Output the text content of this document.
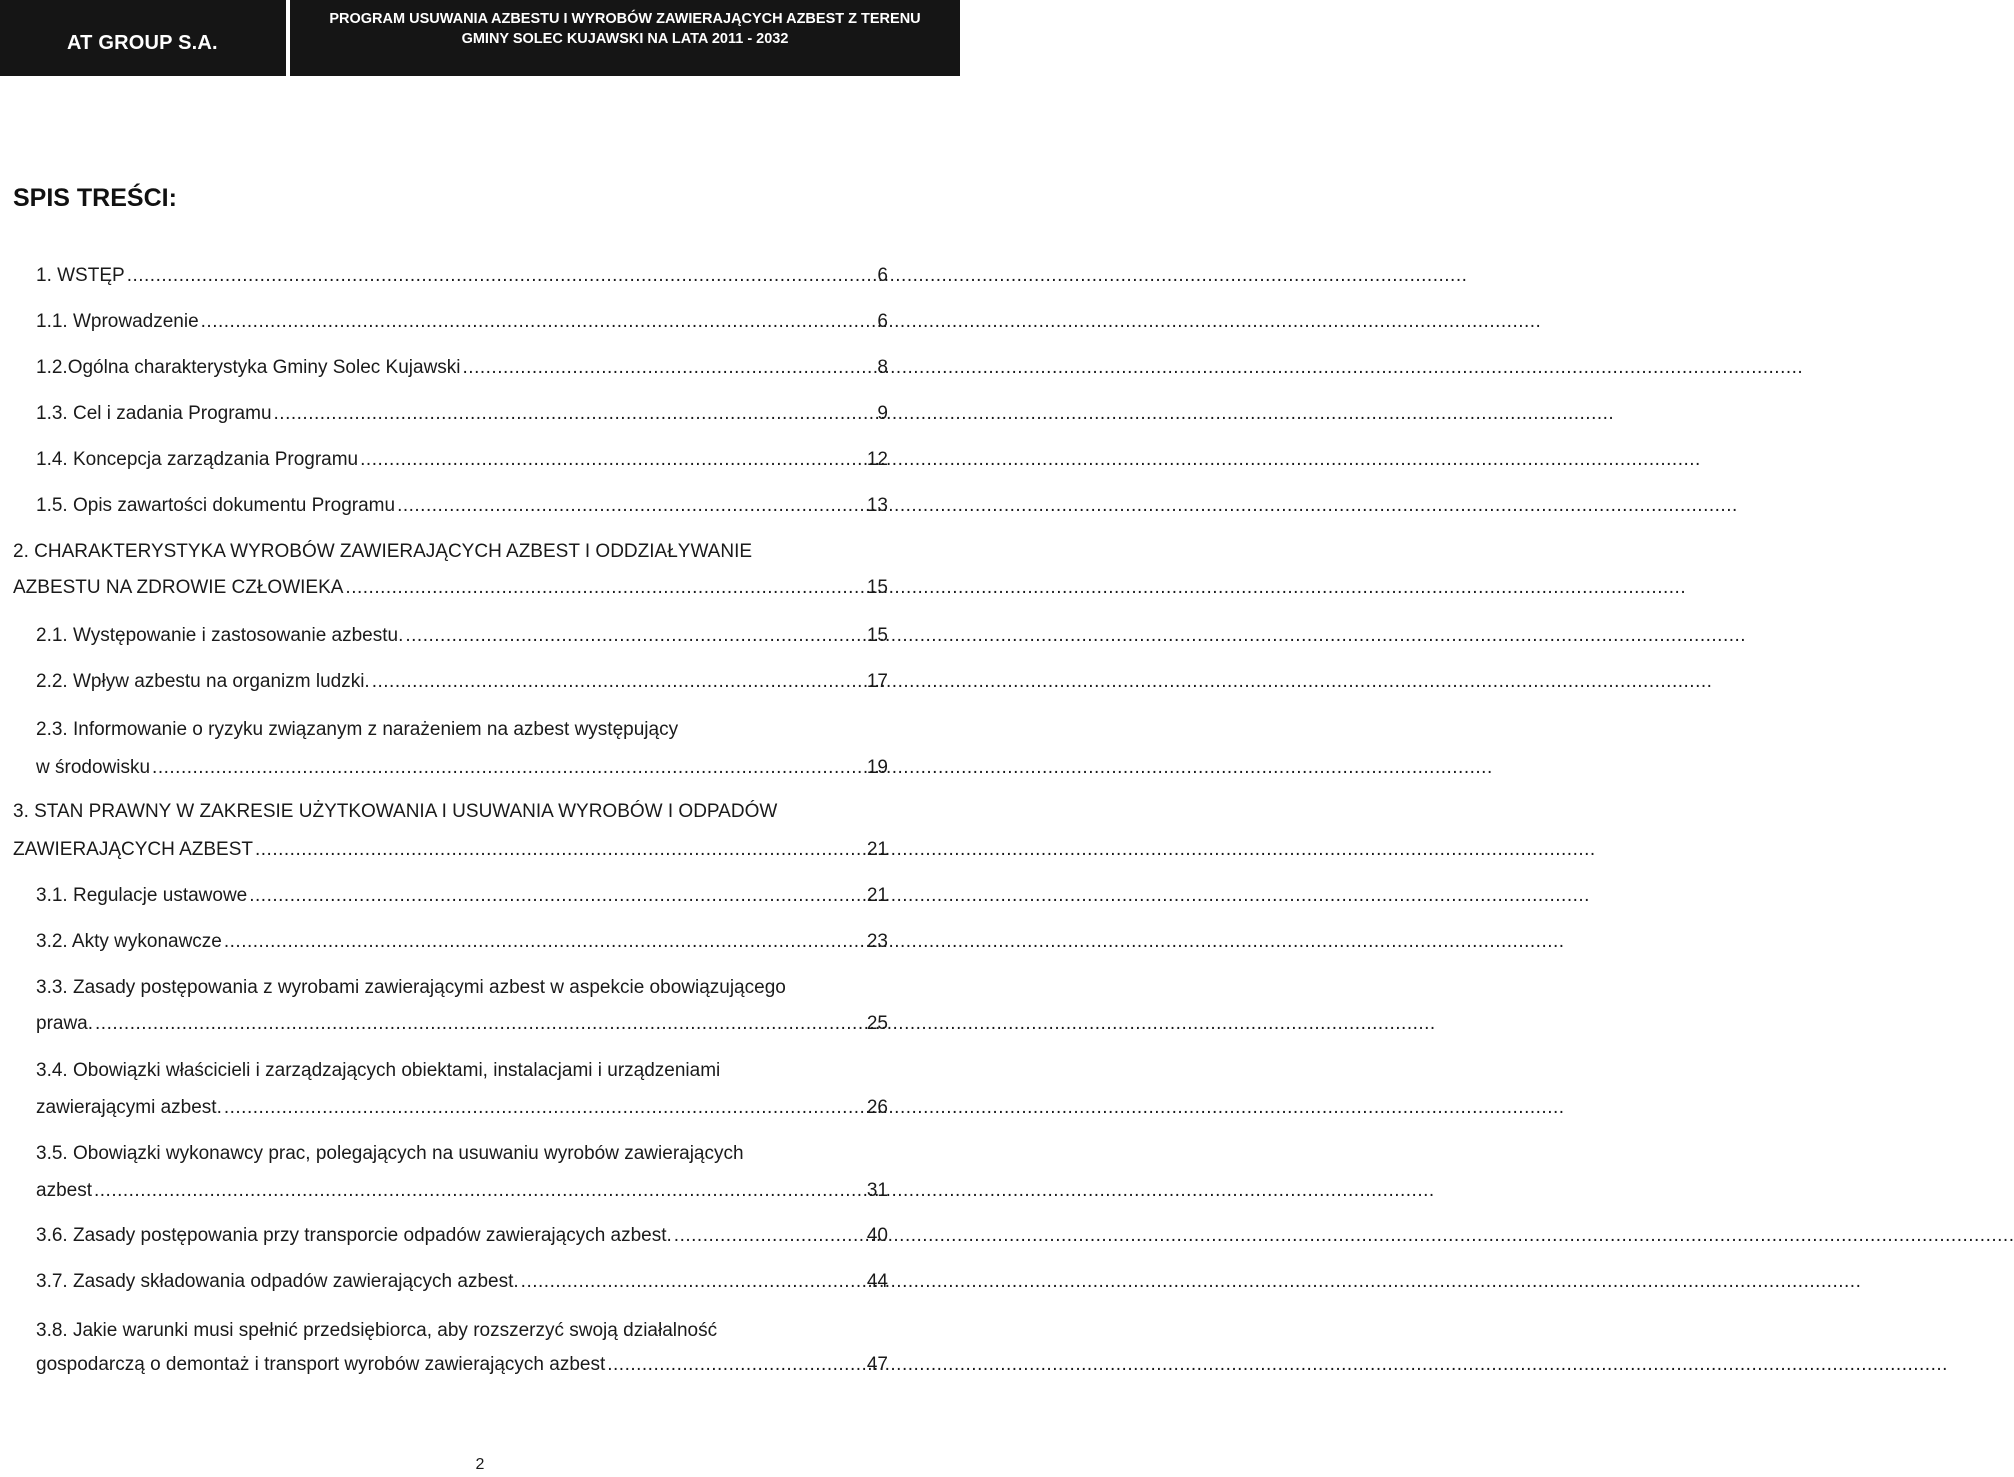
AT GROUP S.A.
PROGRAM USUWANIA AZBESTU I WYROBÓW ZAWIERAJĄCYCH AZBEST Z TERENU
GMINY SOLEC KUJAWSKI NA LATA 2011 - 2032
SPIS TREŚCI:
1. WSTĘP .....	6
1.1. Wprowadzenie .....	6
1.2.Ogólna charakterystyka Gminy Solec Kujawski .....	8
1.3. Cel i zadania Programu .....	9
1.4. Koncepcja zarządzania Programu .....	12
1.5. Opis zawartości dokumentu Programu .....	13
2. CHARAKTERYSTYKA WYROBÓW ZAWIERAJĄCYCH AZBEST I ODDZIAŁYWANIE
AZBESTU NA ZDROWIE CZŁOWIEKA .....	15
2.1. Występowanie i zastosowanie azbestu. .....	15
2.2. Wpływ azbestu na organizm ludzki. .....	17
2.3. Informowanie o ryzyku związanym z narażeniem na azbest występujący
w środowisku .....	19
3. STAN PRAWNY W ZAKRESIE UŻYTKOWANIA I USUWANIA WYROBÓW I ODPADÓW
ZAWIERAJĄCYCH AZBEST .....	21
3.1. Regulacje ustawowe .....	21
3.2. Akty wykonawcze .....	23
3.3. Zasady postępowania z wyrobami zawierającymi azbest w aspekcie obowiązującego
prawa. .....	25
3.4. Obowiązki właścicieli i zarządzających obiektami, instalacjami i urządzeniami
zawierającymi azbest. .....	26
3.5. Obowiązki wykonawcy prac, polegających na usuwaniu wyrobów zawierających
azbest .....	31
3.6. Zasady postępowania przy transporcie odpadów zawierających azbest. .....	40
3.7. Zasady składowania odpadów zawierających azbest. .....	44
3.8. Jakie warunki musi spełnić przedsiębiorca, aby rozszerzyć swoją działalność
gospodarczą o demontaż i transport wyrobów zawierających azbest .....	47
2
